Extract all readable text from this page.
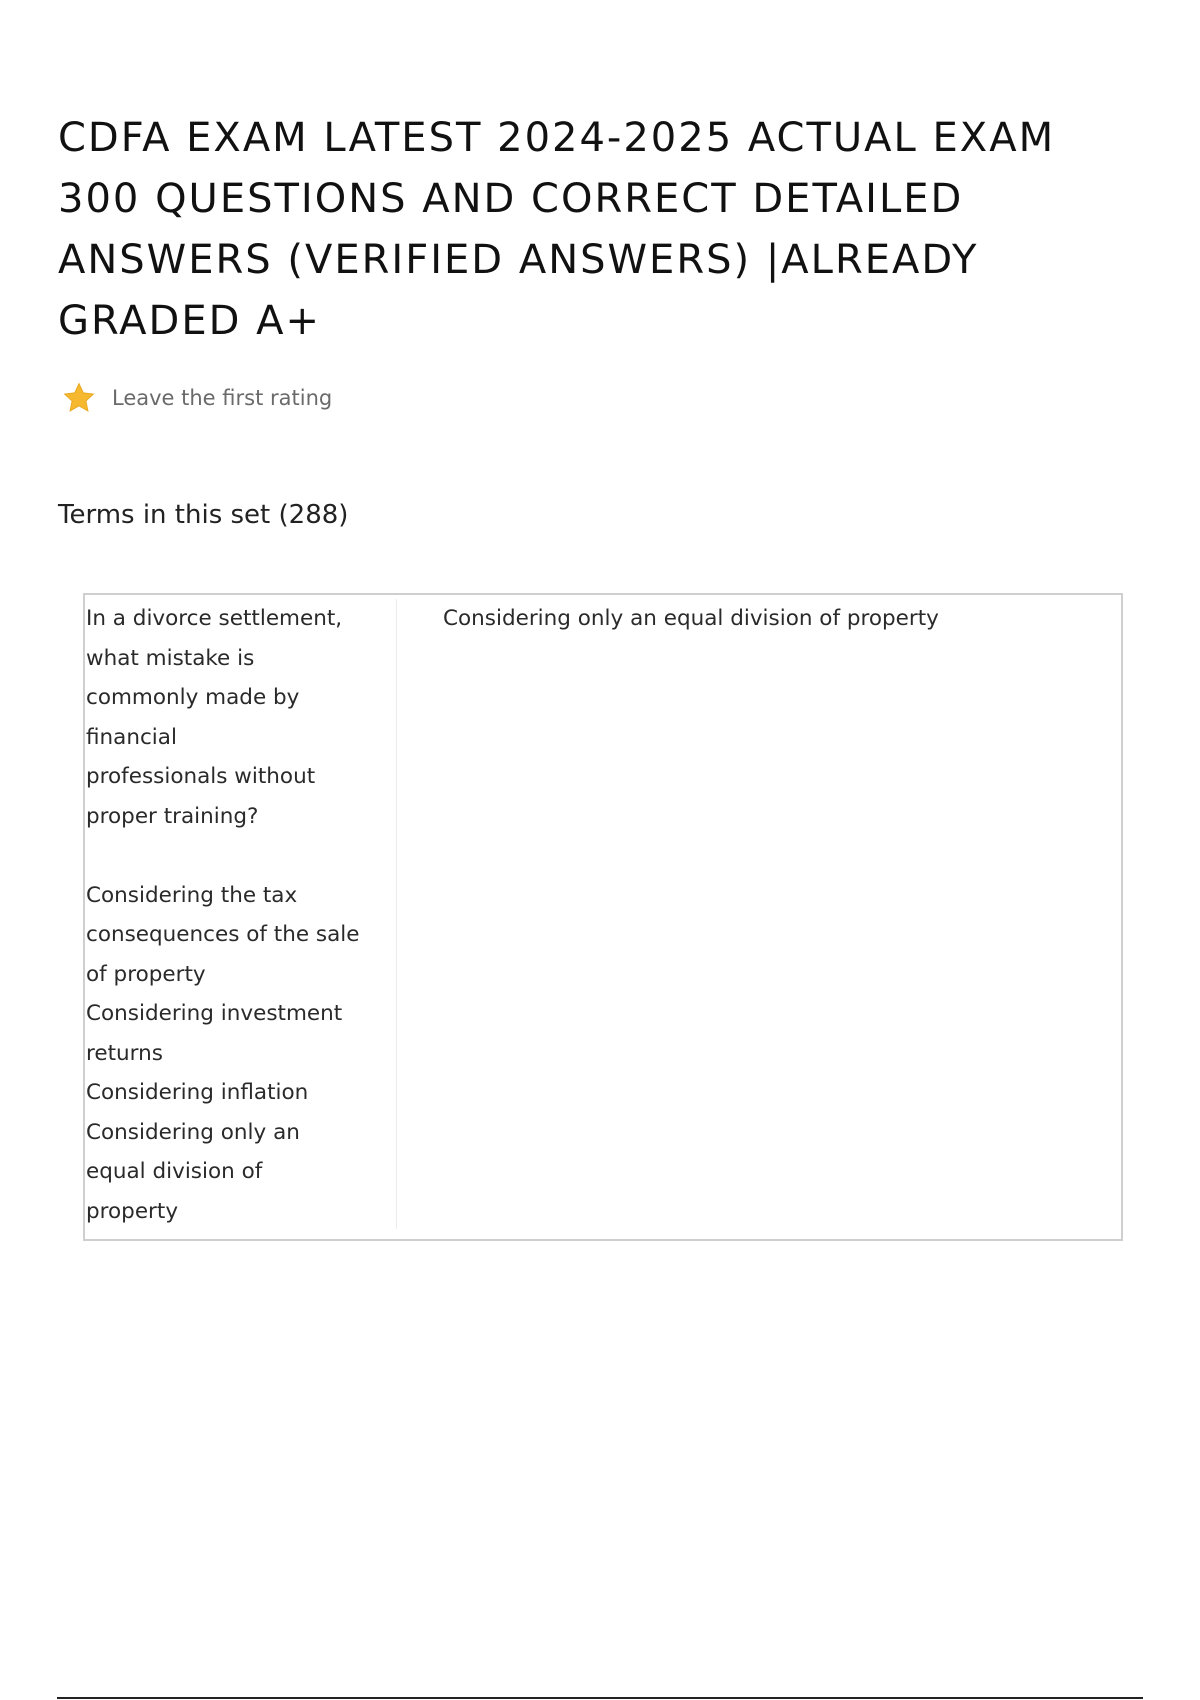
CDFA EXAM LATEST 2024-2025 ACTUAL EXAM 300 QUESTIONS AND CORRECT DETAILED ANSWERS (VERIFIED ANSWERS) |ALREADY GRADED A+
Leave the first rating
Terms in this set (288)
In a divorce settlement,
what mistake is
commonly made by
financial
professionals without
proper training?
Considering the tax
consequences of the sale
of property
Considering investment
returns
Considering inflation
Considering only an
equal division of
property
Considering only an equal division of property
